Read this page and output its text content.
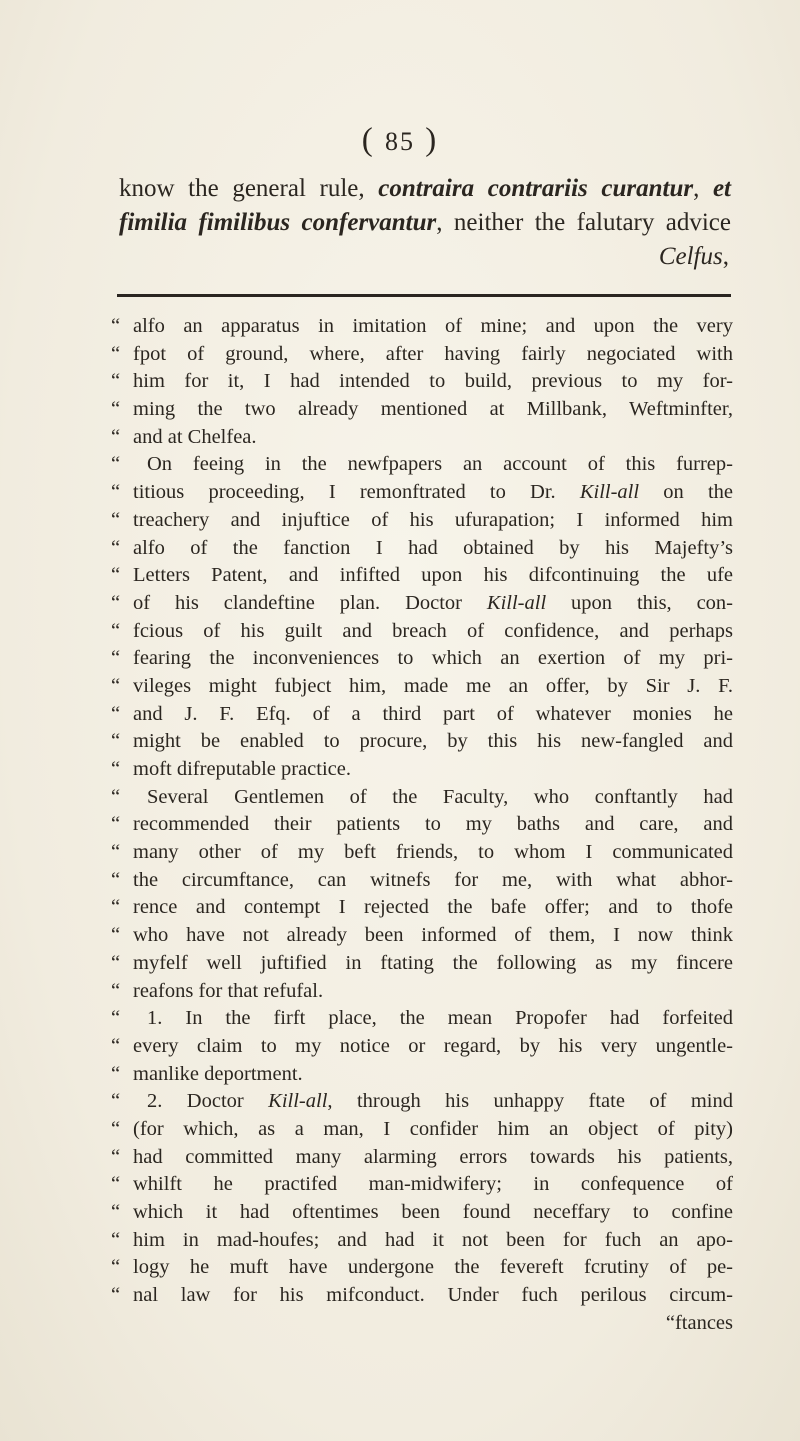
( 85 )
know the general rule, contraira contrariis curantur, et
fimilia fimilibus confervantur, neither the falutary advice
Celfus,
“ alfo an apparatus in imitation of mine; and upon the very
“ fpot of ground, where, after having fairly negociated with
“ him for it, I had intended to build, previous to my for-
“ ming the two already mentioned at Millbank, Weftminfter,
“ and at Chelfea.
“ On feeing in the newfpapers an account of this furrep-
“ titious proceeding, I remonftrated to Dr. Kill-all on the
“ treachery and injuftice of his ufurapation; I informed him
“ alfo of the fanction I had obtained by his Majefty’s
“ Letters Patent, and infifted upon his difcontinuing the ufe
“ of his clandeftine plan. Doctor Kill-all upon this, con-
“ fcious of his guilt and breach of confidence, and perhaps
“ fearing the inconveniences to which an exertion of my pri-
“ vileges might fubject him, made me an offer, by Sir J. F.
“ and J. F. Efq. of a third part of whatever monies he
“ might be enabled to procure, by this his new-fangled and
“ moft difreputable practice.
“ Several Gentlemen of the Faculty, who conftantly had
“ recommended their patients to my baths and care, and
“ many other of my beft friends, to whom I communicated
“ the circumftance, can witnefs for me, with what abhor-
“ rence and contempt I rejected the bafe offer; and to thofe
“ who have not already been informed of them, I now think
“ myfelf well juftified in ftating the following as my fincere
“ reafons for that refufal.
“ 1. In the firft place, the mean Propofer had forfeited
“ every claim to my notice or regard, by his very ungentle-
“ manlike deportment.
“ 2. Doctor Kill-all, through his unhappy ftate of mind
“ (for which, as a man, I confider him an object of pity)
“ had committed many alarming errors towards his patients,
“ whilft he practifed man-midwifery; in confequence of
“ which it had oftentimes been found neceffary to confine
“ him in mad-houfes; and had it not been for fuch an apo-
“ logy he muft have undergone the fevereft fcrutiny of pe-
“ nal law for his mifconduct. Under fuch perilous circum-
“ftances
